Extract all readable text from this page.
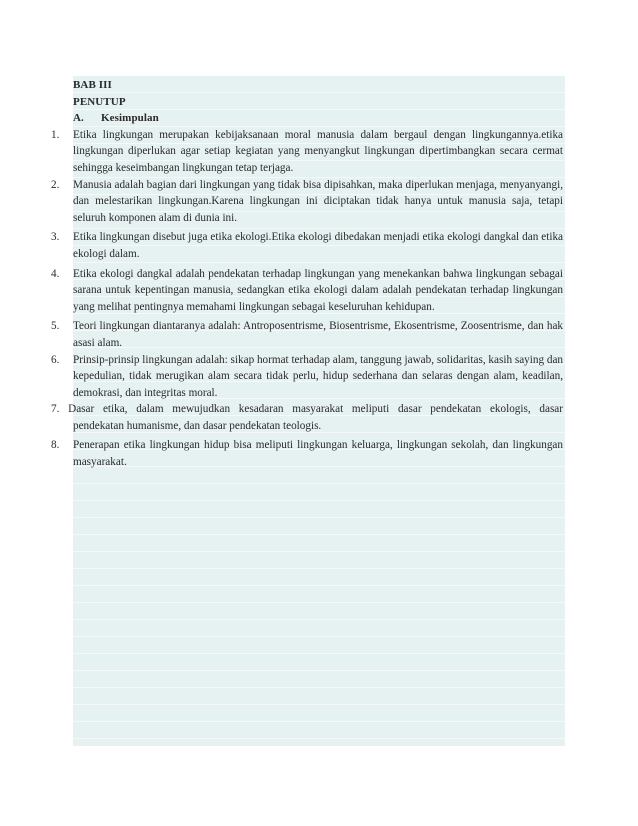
BAB III
PENUTUP
A. Kesimpulan
1. Etika lingkungan merupakan kebijaksanaan moral manusia dalam bergaul dengan lingkungannya.etika lingkungan diperlukan agar setiap kegiatan yang menyangkut lingkungan dipertimbangkan secara cermat sehingga keseimbangan lingkungan tetap terjaga.
2. Manusia adalah bagian dari lingkungan yang tidak bisa dipisahkan, maka diperlukan menjaga, menyanyangi, dan melestarikan lingkungan.Karena lingkungan ini diciptakan tidak hanya untuk manusia saja, tetapi seluruh komponen alam di dunia ini.
3. Etika lingkungan disebut juga etika ekologi.Etika ekologi dibedakan menjadi etika ekologi dangkal dan etika ekologi dalam.
4. Etika ekologi dangkal adalah pendekatan terhadap lingkungan yang menekankan bahwa lingkungan sebagai sarana untuk kepentingan manusia, sedangkan etika ekologi dalam adalah pendekatan terhadap lingkungan yang melihat pentingnya memahami lingkungan sebagai keseluruhan kehidupan.
5. Teori lingkungan diantaranya adalah: Antroposentrisme, Biosentrisme, Ekosentrisme, Zoosentrisme, dan hak asasi alam.
6. Prinsip-prinsip lingkungan adalah: sikap hormat terhadap alam, tanggung jawab, solidaritas, kasih saying dan kepedulian, tidak merugikan alam secara tidak perlu, hidup sederhana dan selaras dengan alam, keadilan, demokrasi, dan integritas moral.
7. Dasar etika, dalam mewujudkan kesadaran masyarakat meliputi dasar pendekatan ekologis, dasar
pendekatan humanisme, dan dasar pendekatan teologis.
8. Penerapan etika lingkungan hidup bisa meliputi lingkungan keluarga, lingkungan sekolah, dan lingkungan masyarakat.
